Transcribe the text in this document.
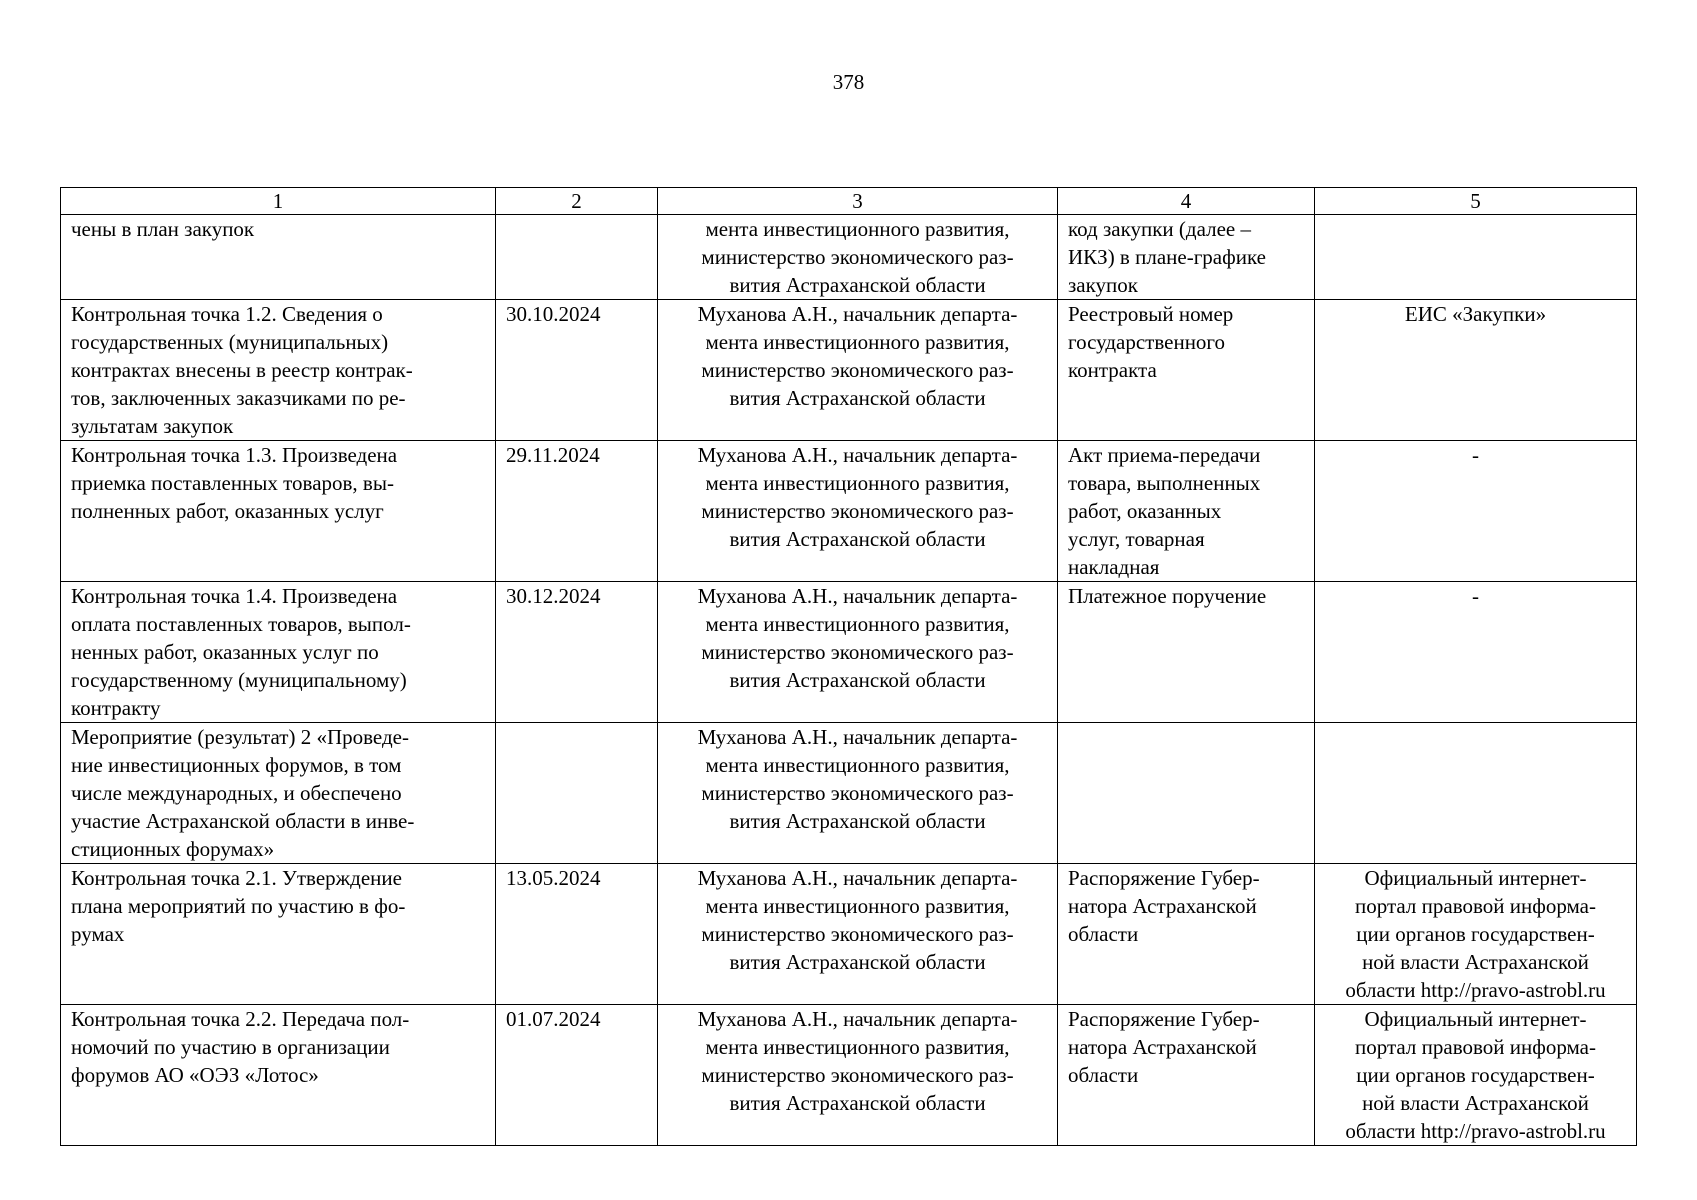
378
1	2	3	4	5

чены в план закупок		мента инвестиционного развития,
министерство экономического раз-
вития Астраханской области	код закупки (далее –
ИКЗ) в плане-графике
закупок	

Контрольная точка 1.2. Сведения о
государственных (муниципальных)
контрактах внесены в реестр контрак-
тов, заключенных заказчиками по ре-
зультатам закупок	30.10.2024	Муханова А.Н., начальник департа-
мента инвестиционного развития,
министерство экономического раз-
вития Астраханской области	Реестровый номер
государственного
контракта	ЕИС «Закупки»

Контрольная точка 1.3. Произведена
приемка поставленных товаров, вы-
полненных работ, оказанных услуг	29.11.2024	Муханова А.Н., начальник департа-
мента инвестиционного развития,
министерство экономического раз-
вития Астраханской области	Акт приема-передачи
товара, выполненных
работ, оказанных
услуг, товарная
накладная	-

Контрольная точка 1.4. Произведена
оплата поставленных товаров, выпол-
ненных работ, оказанных услуг по
государственному (муниципальному)
контракту	30.12.2024	Муханова А.Н., начальник департа-
мента инвестиционного развития,
министерство экономического раз-
вития Астраханской области	Платежное поручение	-

Мероприятие (результат) 2 «Проведе-
ние инвестиционных форумов, в том
числе международных, и обеспечено
участие Астраханской области в инве-
стиционных форумах»		Муханова А.Н., начальник департа-
мента инвестиционного развития,
министерство экономического раз-
вития Астраханской области		

Контрольная точка 2.1. Утверждение
плана мероприятий по участию в фо-
румах	13.05.2024	Муханова А.Н., начальник департа-
мента инвестиционного развития,
министерство экономического раз-
вития Астраханской области	Распоряжение Губер-
натора Астраханской
области	Официальный интернет-
портал правовой информа-
ции органов государствен-
ной власти Астраханской
области http://pravo-astrobl.ru

Контрольная точка 2.2. Передача пол-
номочий по участию в организации
форумов АО «ОЭЗ «Лотос»	01.07.2024	Муханова А.Н., начальник департа-
мента инвестиционного развития,
министерство экономического раз-
вития Астраханской области	Распоряжение Губер-
натора Астраханской
области	Официальный интернет-
портал правовой информа-
ции органов государствен-
ной власти Астраханской
области http://pravo-astrobl.ru
